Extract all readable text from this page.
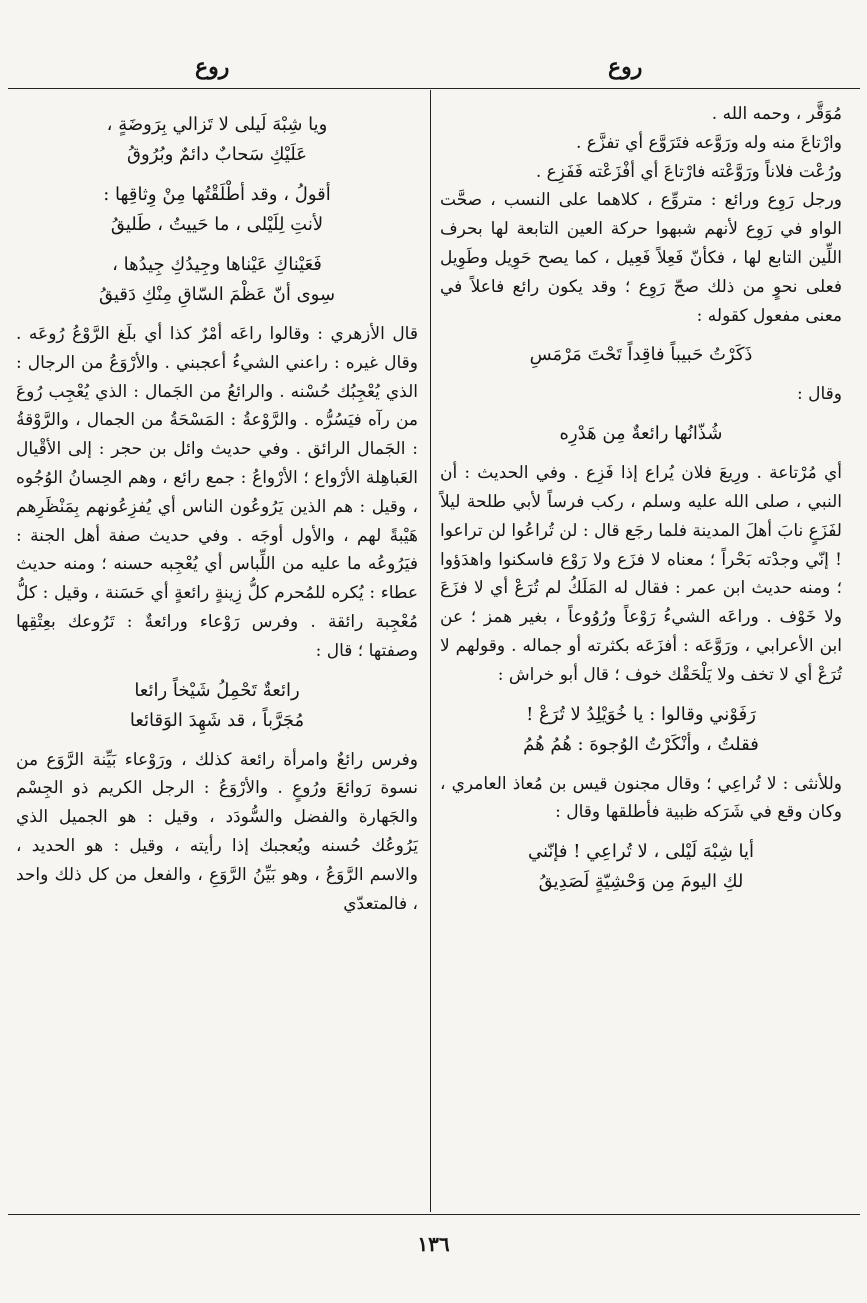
روع	روع

مُوَقَّر ، وحمه الله .

وارْتاعَ منه وله ورَوَّعه فتَرَوَّع أي تفزَّع .

ورُعْت فلاناً ورَوَّعْته فارْتاعَ أي أفْزَعْته فَفَزِع .

ورجل رَوِع ورائع : متروِّع ، كلاهما على النسب ، صحَّت الواو في رَوِع لأنهم شبهوا حركة العين التابعة لها بحرف اللِّين التابع لها ، فكأنّ فَعِلاً فَعِيل ، كما يصح حَوِيل وطَوِيل فعلى نحوٍ من ذلك صحّ رَوِع ؛ وقد يكون رائع فاعلاً في معنى مفعول كقوله :

ذَكَرْتُ حَبيباً فاقِداً تَحْتَ مَرْمَسِ

وقال :

شُذّانُها رائعةٌ مِن هَدْرِه

أي مُرْتاعة . ورِيعَ فلان يُراع إذا فَزِع . وفي الحديث : أن النبي ، صلى الله عليه وسلم ، ركب فرساً لأبي طلحة ليلاً لفَزَعٍ نابَ أهلَ المدينة فلما رجَع قال : لن تُراعُوا لن تراعوا ! إنّي وجدْته بَحْراً ؛ معناه لا فزَع ولا رَوْع فاسكنوا واهدَؤوا ؛ ومنه حديث ابن عمر : فقال له المَلَكُ لم تُرَعْ أي لا فزَعَ ولا خَوْف . وراعَه الشيءُ رَوْعاً ورُوُوعاً ، بغير همز ؛ عن ابن الأعرابي ، ورَوَّعَه : أفزَعَه بكثرته أو جماله . وقولهم لا تُرَعْ أي لا تخف ولا يَلْحَقْك خوف ؛ قال أبو خراش :

رَفَوْني وقالوا : يا خُوَيْلِدُ لا تُرَعْ !
فقلتُ ، وأنْكَرْتُ الوُجوهَ : هُمُ هُمُ

وللأنثى : لا تُراعِي ؛ وقال مجنون قيس بن مُعاذ العامري ، وكان وقع في شَرَكه ظبية فأطلقها وقال :

أيا شِبْهَ لَيْلى ، لا تُراعِي ! فإنّني
لكِ اليومَ مِن وَحْشِيّةٍ لَصَدِيقُ
ويا شِبْهَ لَيلى لا تَزالي بِرَوضَةٍ ،
عَلَيْكِ سَحابٌ دائمٌ وبُرُوقُ
أقولُ ، وقد أطْلَقْتُها مِنْ وِثاقِها :
لأنتِ لِلَيْلى ، ما حَييتُ ، طَليقُ
فَعَيْناكِ عَيْناها وجِيدُكِ جِيدُها ،
سِوى أنّ عَظْمَ السّاقِ مِنْكِ دَقيقُ

قال الأزهري : وقالوا راعَه أمْرٌ كذا أي بلَغ الرَّوْعُ رُوعَه . وقال غيره : راعني الشيءُ أعجبني . والأرْوَعُ من الرجال : الذي يُعْجِبُك حُسْنه . والرائعُ من الجَمال : الذي يُعْجِب رُوعَ من رآه فيَسُرُّه . والرَّوْعةُ : المَسْحَةُ من الجمال ، والرَّوْقةُ : الجَمال الرائق . وفي حديث وائل بن حجر : إلى الأقْيال العَباهِلة الأرْواع ؛ الأرْواعُ : جمع رائع ، وهم الحِسانُ الوُجُوه ، وقيل : هم الذين يَرُوعُون الناس أي يُفزِعُونهم بِمَنْظَرِهم هَيْبةً لهم ، والأول أوجَه . وفي حديث صفة أهل الجنة : فيَرُوعُه ما عليه من اللِّباس أي يُعْجِبه حسنه ؛ ومنه حديث عطاء : يُكره للمُحرم كلُّ زِينةٍ رائعةٍ أي حَسَنة ، وقيل : كلُّ مُعْجِبة رائقة . وفرس رَوْعاء ورائعةٌ : تَرُوعك بعِتْقِها وصفتها ؛ قال :

رائعةٌ تَحْمِلُ شَيْخاً رائعا
مُجَرَّباً ، قد شَهِدَ الوَقائعا

وفرس رائعٌ وامرأة رائعة كذلك ، ورَوْعاء بَيِّنة الرَّوَع من نسوة رَوائعَ ورُوعٍ . والأرْوَعُ : الرجل الكريم ذو الجِسْم والجَهارة والفضل والسُّودَد ، وقيل : هو الجميل الذي يَرُوعُك حُسنه ويُعجبك إذا رأيته ، وقيل : هو الحديد ، والاسم الرَّوَعُ ، وهو بَيِّنُ الرَّوَعِ ، والفعل من كل ذلك واحد ، فالمتعدّي

١٣٦
